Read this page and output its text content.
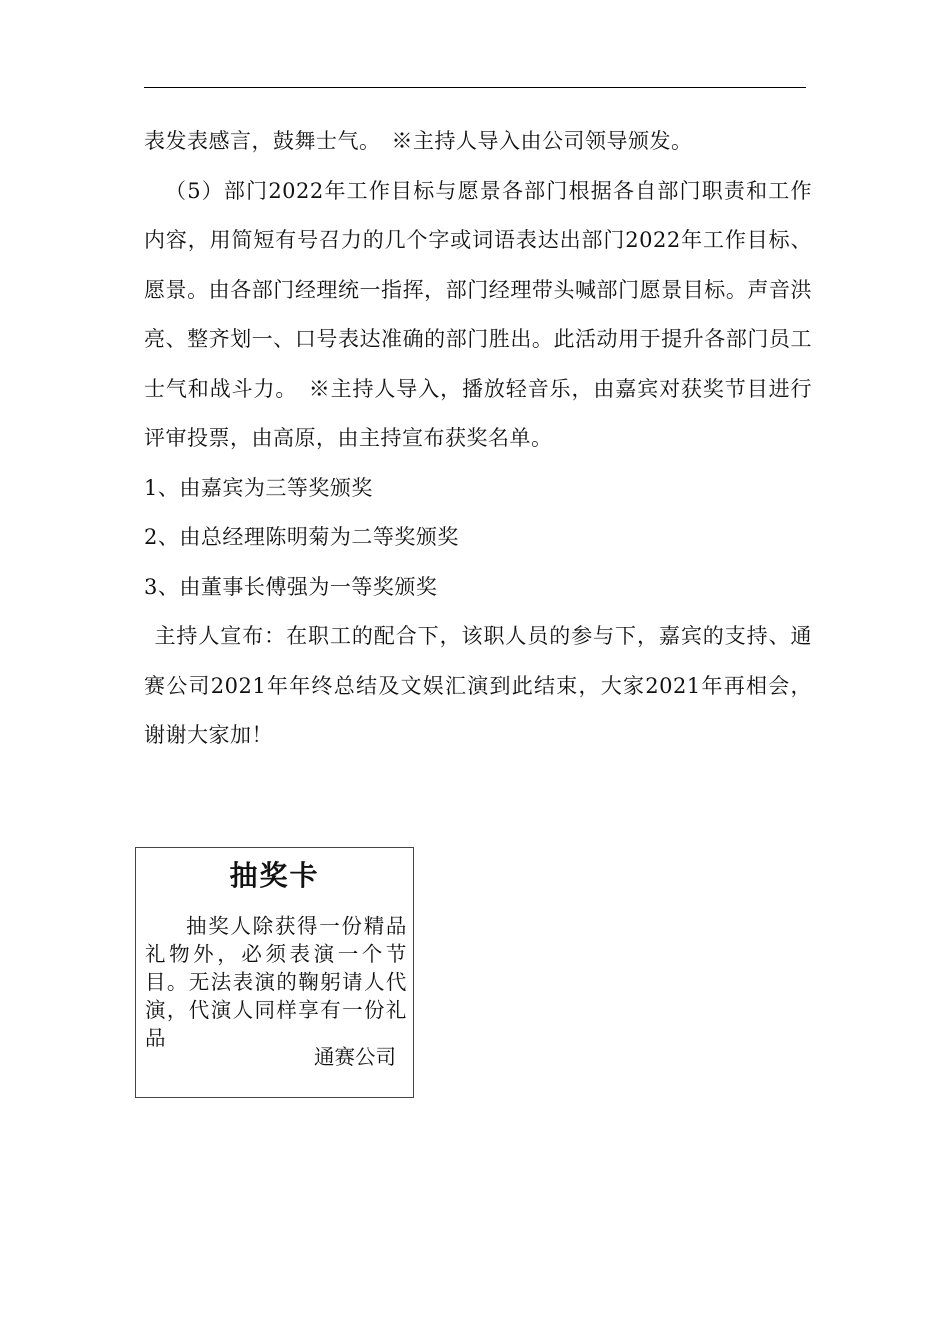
表发表感言，鼓舞士气。　※主持人导入由公司领导颁发。

（5）部门2022年工作目标与愿景各部门根据各自部门职责和工作内容，用简短有号召力的几个字或词语表达出部门2022年工作目标、愿景。由各部门经理统一指挥，部门经理带头喊部门愿景目标。声音洪亮、整齐划一、口号表达准确的部门胜出。此活动用于提升各部门员工士气和战斗力。　※主持人导入，播放轻音乐，由嘉宾对获奖节目进行评审投票，由高原，由主持宣布获奖名单。

1、由嘉宾为三等奖颁奖

2、由总经理陈明菊为二等奖颁奖

3、由董事长傅强为一等奖颁奖

主持人宣布：在职工的配合下，该职人员的参与下，嘉宾的支持、通赛公司2021年年终总结及文娱汇演到此结束，大家2021年再相会，谢谢大家加！

抽奖卡
抽奖人除获得一份精品礼物外，必须表演一个节目。无法表演的鞠躬请人代演，代演人同样享有一份礼品
通赛公司
